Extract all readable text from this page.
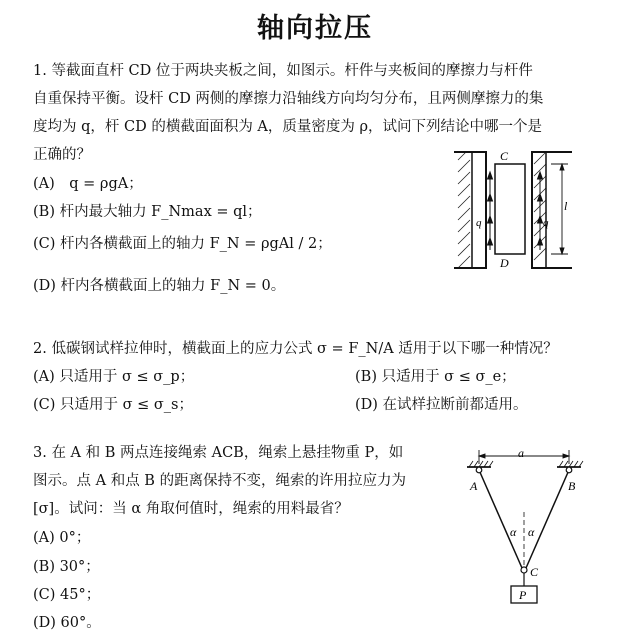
轴向拉压
1. 等截面直杆 CD 位于两块夹板之间，如图示。杆件与夹板间的摩擦力与杆件
自重保持平衡。设杆 CD 两侧的摩擦力沿轴线方向均匀分布，且两侧摩擦力的集
度均为 q，杆 CD 的横截面面积为 A，质量密度为 ρ，试问下列结论中哪一个是
正确的？
(A)　q = ρgA；
(B) 杆内最大轴力 F_Nmax = ql；
(C) 杆内各横截面上的轴力 F_N = ρgAl / 2；
(D) 杆内各横截面上的轴力 F_N = 0。
C
D
q	q
l
2. 低碳钢试样拉伸时，横截面上的应力公式 σ = F_N/A 适用于以下哪一种情况？
(A) 只适用于 σ ≤ σ_p；	(B) 只适用于 σ ≤ σ_e；
(C) 只适用于 σ ≤ σ_s；	(D) 在试样拉断前都适用。
3. 在 A 和 B 两点连接绳索 ACB，绳索上悬挂物重 P，如
图示。点 A 和点 B 的距离保持不变，绳索的许用拉应力为
[σ]。试问：当 α 角取何值时，绳索的用料最省？
(A) 0°；
(B) 30°；
(C) 45°；
(D) 60°。
a
A	B
α α
C
P
